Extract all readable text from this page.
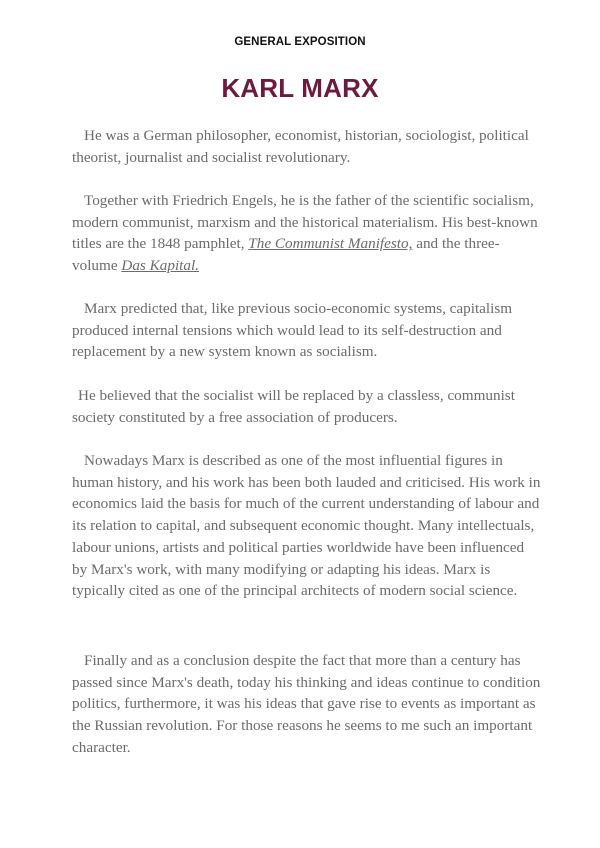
GENERAL EXPOSITION
KARL MARX

He was a German philosopher, economist, historian, sociologist, political theorist, journalist and socialist revolutionary.

Together with Friedrich Engels, he is the father of the scientific socialism, modern communist, marxism and the historical materialism. His best-known titles are the 1848 pamphlet, The Communist Manifesto, and the three-volume Das Kapital.

Marx predicted that, like previous socio-economic systems, capitalism produced internal tensions which would lead to its self-destruction and replacement by a new system known as socialism.

He believed that the socialist will be replaced by a classless, communist society constituted by a free association of producers.

Nowadays Marx is described as one of the most influential figures in human history, and his work has been both lauded and criticised. His work in economics laid the basis for much of the current understanding of labour and its relation to capital, and subsequent economic thought. Many intellectuals, labour unions, artists and political parties worldwide have been influenced by Marx's work, with many modifying or adapting his ideas. Marx is typically cited as one of the principal architects of modern social science.

Finally and as a conclusion despite the fact that more than a century has passed since Marx's death, today his thinking and ideas continue to condition politics, furthermore, it was his ideas that gave rise to events as important as the Russian revolution. For those reasons he seems to me such an important character.
